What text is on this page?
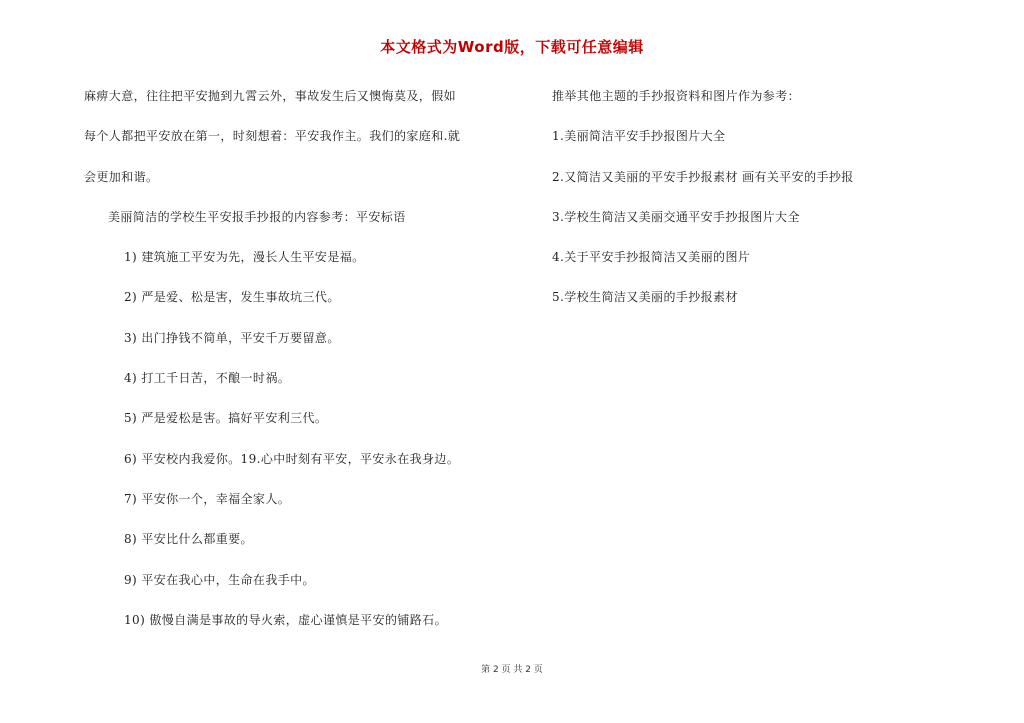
本文格式为Word版，下载可任意编辑
麻痹大意，往往把平安抛到九霄云外，事故发生后又懊悔莫及，假如
每个人都把平安放在第一，时刻想着：平安我作主。我们的家庭和.就
会更加和谐。
美丽简洁的学校生平安报手抄报的内容参考：平安标语
1) 建筑施工平安为先，漫长人生平安是福。
2) 严是爱、松是害，发生事故坑三代。
3) 出门挣钱不简单，平安千万要留意。
4) 打工千日苦，不酿一时祸。
5) 严是爱松是害。搞好平安利三代。
6) 平安校内我爱你。19.心中时刻有平安，平安永在我身边。
7) 平安你一个，幸福全家人。
8) 平安比什么都重要。
9) 平安在我心中，生命在我手中。
10) 傲慢自满是事故的导火索，虚心谨慎是平安的铺路石。
推举其他主题的手抄报资料和图片作为参考：
1.美丽简洁平安手抄报图片大全
2.又简洁又美丽的平安手抄报素材 画有关平安的手抄报
3.学校生简洁又美丽交通平安手抄报图片大全
4.关于平安手抄报简洁又美丽的图片
5.学校生简洁又美丽的手抄报素材
第 2 页 共 2 页
